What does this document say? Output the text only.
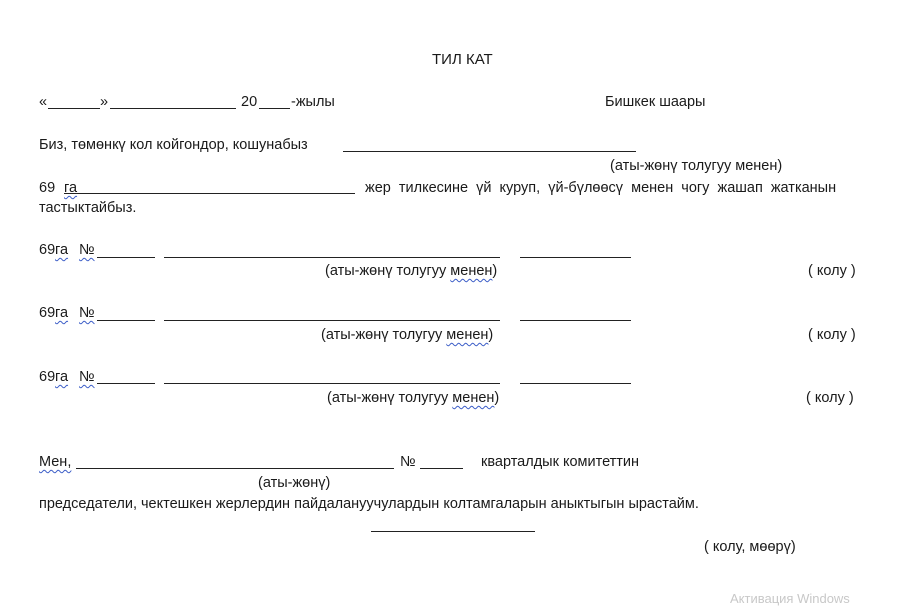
ТИЛ КАТ
«	»	20 -жылы	Бишкек шаары
Биз, төмөнкү кол койгондор, кошунабыз
(аты-жөнү толугуу менен)
69 га	жер  тилкесине  үй  куруп,  үй-бүлөөсү  менен  чогу  жашап  жатканын
тастыктайбыз.
69 га №
(аты-жөнү толугуу менен)	( колу )
69 га №
(аты-жөнү толугуу менен)	( колу )
69 га №
(аты-жөнү толугуу менен)	( колу )
Мен,	№	кварталдык комитеттин
(аты-жөнү)
председатели, чектешкен жерлердин пайдалануучулардын колтамгаларын аныктыгын ырастайм.
( колу, мөөрү)
Активация Windows
